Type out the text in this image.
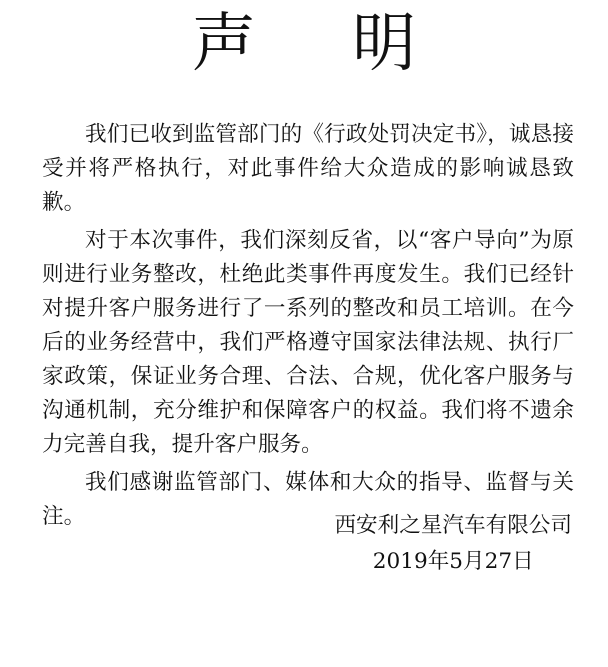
声 明

我们已收到监管部门的《行政处罚决定书》，诚恳接受并将严格执行，对此事件给大众造成的影响诚恳致歉。

对于本次事件，我们深刻反省，以“客户导向”为原则进行业务整改，杜绝此类事件再度发生。我们已经针对提升客户服务进行了一系列的整改和员工培训。在今后的业务经营中，我们严格遵守国家法律法规、执行厂家政策，保证业务合理、合法、合规，优化客户服务与沟通机制，充分维护和保障客户的权益。我们将不遗余力完善自我，提升客户服务。

我们感谢监管部门、媒体和大众的指导、监督与关注。	西安利之星汽车有限公司
2019年5月27日
